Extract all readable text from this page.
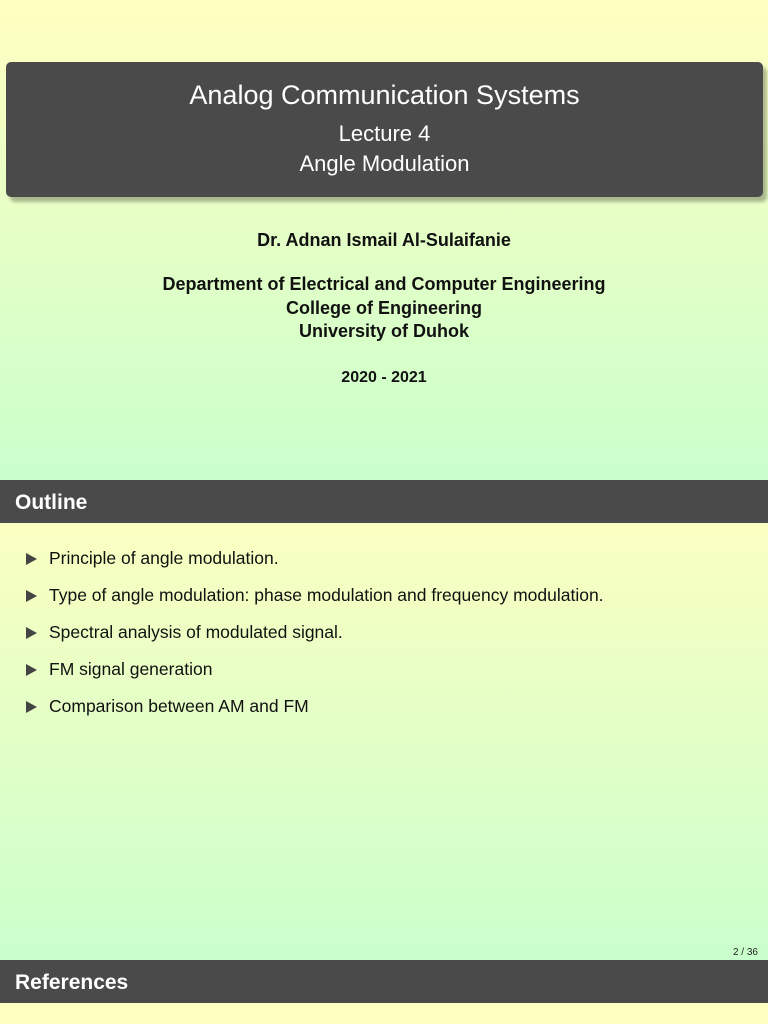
Analog Communication Systems
Lecture 4
Angle Modulation
Dr. Adnan Ismail Al-Sulaifanie
Department of Electrical and Computer Engineering
College of Engineering
University of Duhok
2020 - 2021
Outline
Principle of angle modulation.
Type of angle modulation: phase modulation and frequency modulation.
Spectral analysis of modulated signal.
FM signal generation
Comparison between AM and FM
2 / 36
References
